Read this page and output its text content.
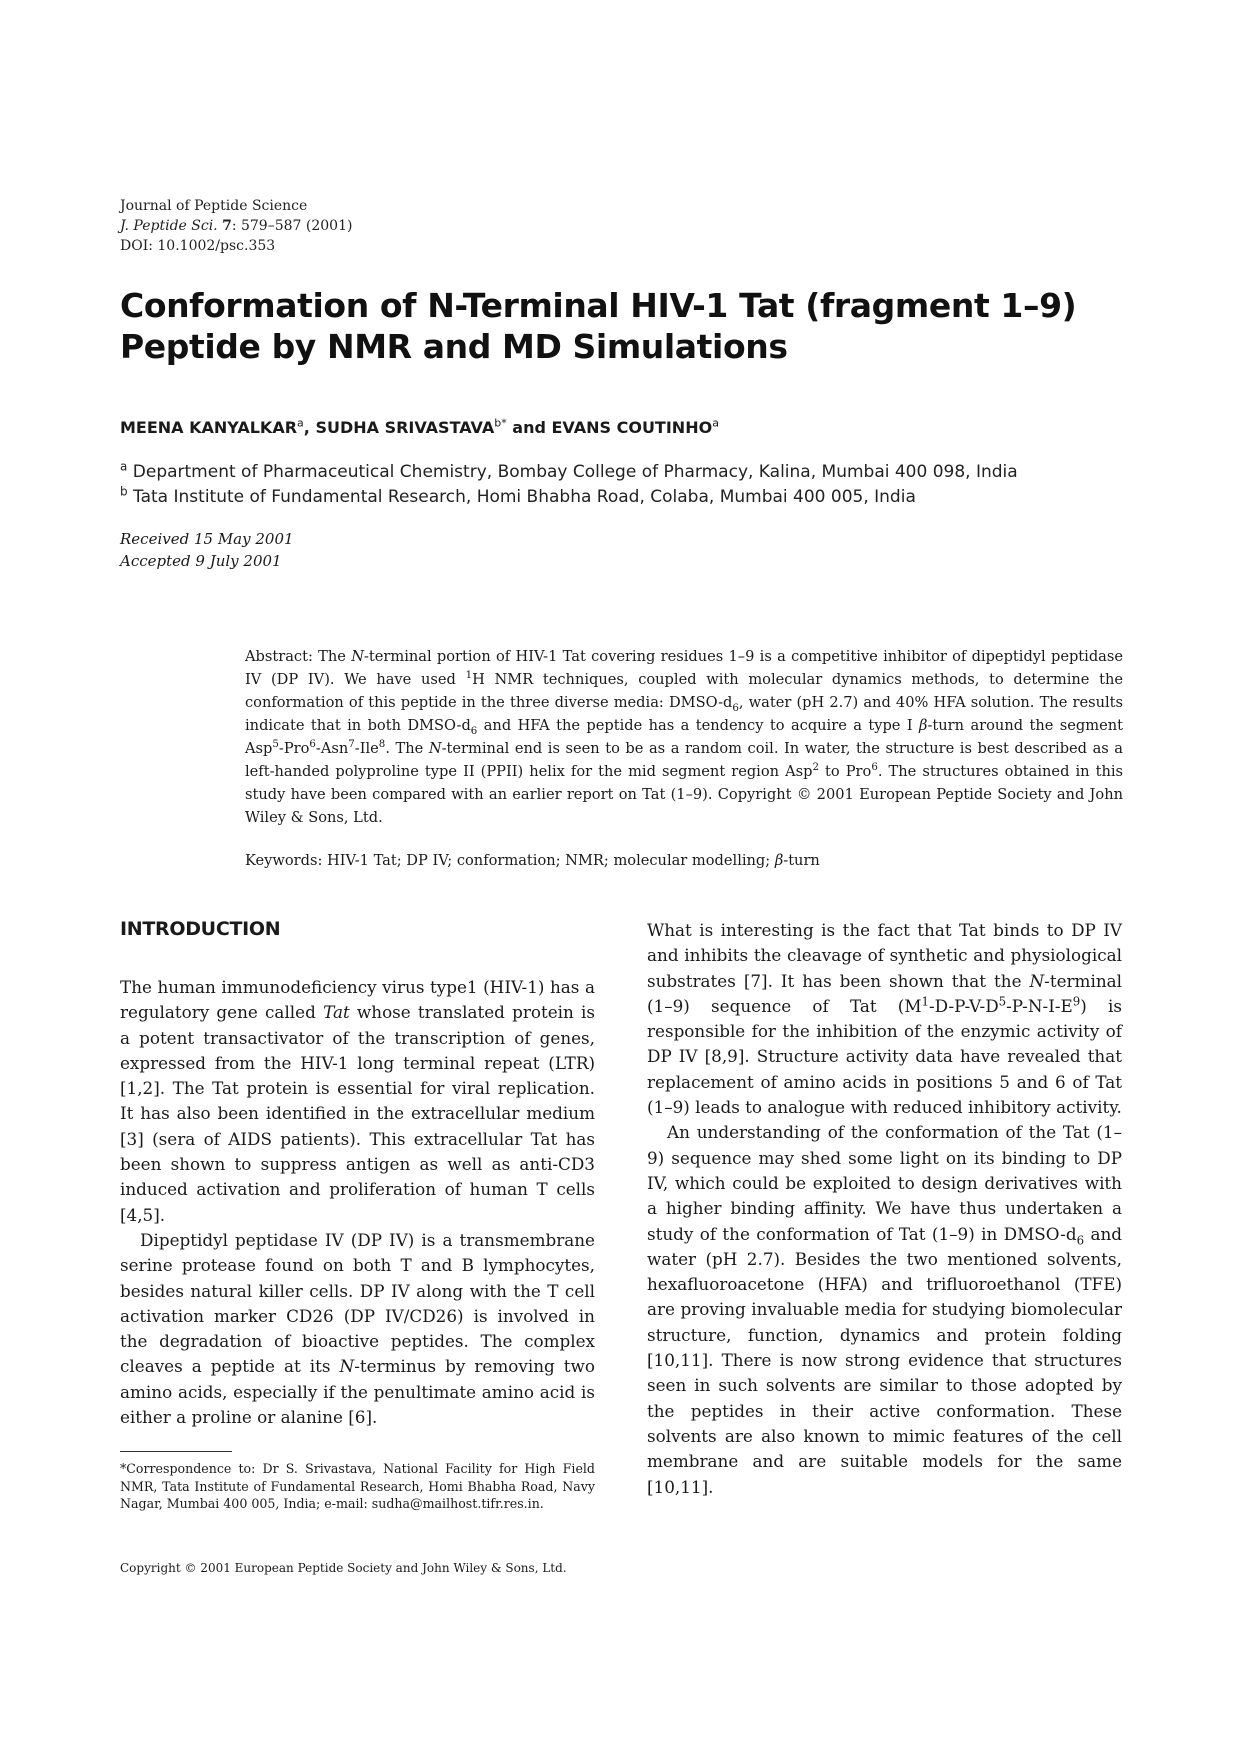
Journal of Peptide Science
J. Peptide Sci. 7: 579–587 (2001)
DOI: 10.1002/psc.353
Conformation of N-Terminal HIV-1 Tat (fragment 1–9)
Peptide by NMR and MD Simulations
MEENA KANYALKAR$^a$, SUDHA $SRIVASTAVA^{b*}$ and EVANS COUTINHO$^a$
$^a$ Department of Pharmaceutical Chemistry, Bombay College of Pharmacy, Kalina, Mumbai 400 098, India
$^b$ Tata Institute of Fundamental Research, Homi Bhabha Road, Colaba, Mumbai 400 005, India
Received 15 May 2001
Accepted 9 July 2001
Abstract: The N-terminal portion of HIV-1 Tat covering residues 1–9 is a competitive inhibitor of dipeptidyl peptidase IV (DP IV). We have used $^1$H NMR techniques, coupled with molecular dynamics methods, to determine the conformation of this peptide in the three diverse media: DMSO-$d_6$, water (pH 2.7) and 40% HFA solution. The results indicate that in both DMSO-$d_6$ and HFA the peptide has a tendency to acquire a type I β-turn around the segment Asp$^5$-Pro$^6$-Asn$^7$-Ile$^8$. The N-terminal end is seen to be as a random coil. In water, the structure is best described as a left-handed polyproline type II (PPII) helix for the mid segment region Asp$^2$ to Pro$^6$. The structures obtained in this study have been compared with an earlier report on Tat (1–9). Copyright © 2001 European Peptide Society and John Wiley & Sons, Ltd.
Keywords: HIV-1 Tat; DP IV; conformation; NMR; molecular modelling; β-turn
INTRODUCTION

The human immunodeficiency virus type1 (HIV-1) has a regulatory gene called Tat whose translated protein is a potent transactivator of the transcription of genes, expressed from the HIV-1 long terminal repeat (LTR) [1,2]. The Tat protein is essential for viral replication. It has also been identified in the extracellular medium [3] (sera of AIDS patients). This extracellular Tat has been shown to suppress antigen as well as anti-CD3 induced activation and proliferation of human T cells [4,5].

Dipeptidyl peptidase IV (DP IV) is a transmembrane serine protease found on both T and B lymphocytes, besides natural killer cells. DP IV along with the T cell activation marker CD26 (DP IV/CD26) is involved in the degradation of bioactive peptides. The complex cleaves a peptide at its N-terminus by removing two amino acids, especially if the penultimate amino acid is either a proline or alanine [6].

What is interesting is the fact that Tat binds to DP IV and inhibits the cleavage of synthetic and physiological substrates [7]. It has been shown that the N-terminal (1–9) sequence of Tat $(M^1-D-P-V-D^5-P-N-I-E^9)$ is responsible for the inhibition of the enzymic activity of DP IV [8,9]. Structure activity data have revealed that replacement of amino acids in positions 5 and 6 of Tat (1–9) leads to analogue with reduced inhibitory activity.

An understanding of the conformation of the Tat (1–9) sequence may shed some light on its binding to DP IV, which could be exploited to design derivatives with a higher binding affinity. We have thus undertaken a study of the conformation of Tat (1–9) in DMSO-$d_6$ and water (pH 2.7). Besides the two mentioned solvents, hexafluoroacetone (HFA) and trifluoroethanol (TFE) are proving invaluable media for studying biomolecular structure, function, dynamics and protein folding [10,11]. There is now strong evidence that structures seen in such solvents are similar to those adopted by the peptides in their active conformation. These solvents are also known to mimic features of the cell membrane and are suitable models for the same [10,11].

*Correspondence to: Dr S. Srivastava, National Facility for High Field NMR, Tata Institute of Fundamental Research, Homi Bhabha Road, Navy Nagar, Mumbai 400 005, India; e-mail: sudha@mailhost.tifr.res.in.
Copyright © 2001 European Peptide Society and John Wiley & Sons, Ltd.
